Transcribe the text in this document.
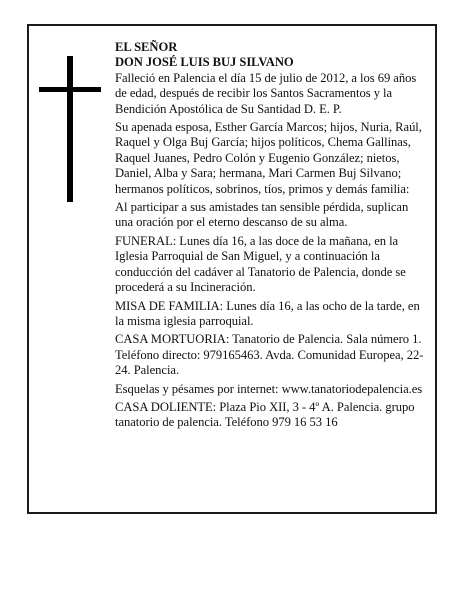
EL SEÑOR
DON JOSÉ LUIS BUJ SILVANO

Falleció en Palencia el día 15 de julio de 2012, a los 69 años de edad, después de recibir los Santos Sacramentos y la Bendición Apostólica de Su Santidad D. E. P.

Su apenada esposa, Esther García Marcos; hijos, Nuria, Raúl, Raquel y Olga Buj García; hijos políticos, Chema Gallinas, Raquel Juanes, Pedro Colón y Eugenio González; nietos, Daniel, Alba y Sara; hermana, Mari Carmen Buj Silvano; hermanos políticos, sobrinos, tíos, primos y demás familia:

Al participar a sus amistades tan sensible pérdida, suplican una oración por el eterno descanso de su alma.

FUNERAL: Lunes día 16, a las doce de la mañana, en la Iglesia Parroquial de San Miguel, y a continuación la conducción del cadáver al Tanatorio de Palencia, donde se procederá a su Incineración.

MISA DE FAMILIA: Lunes día 16, a las ocho de la tarde, en la misma iglesia parroquial.

CASA MORTUORIA: Tanatorio de Palencia. Sala número 1. Teléfono directo: 979165463. Avda. Comunidad Europea, 22-24. Palencia.

Esquelas y pésames por internet: www.tanatoriodepalencia.es

CASA DOLIENTE: Plaza Pio XII, 3 - 4º A. Palencia. grupo tanatorio de palencia. Teléfono 979 16 53 16
